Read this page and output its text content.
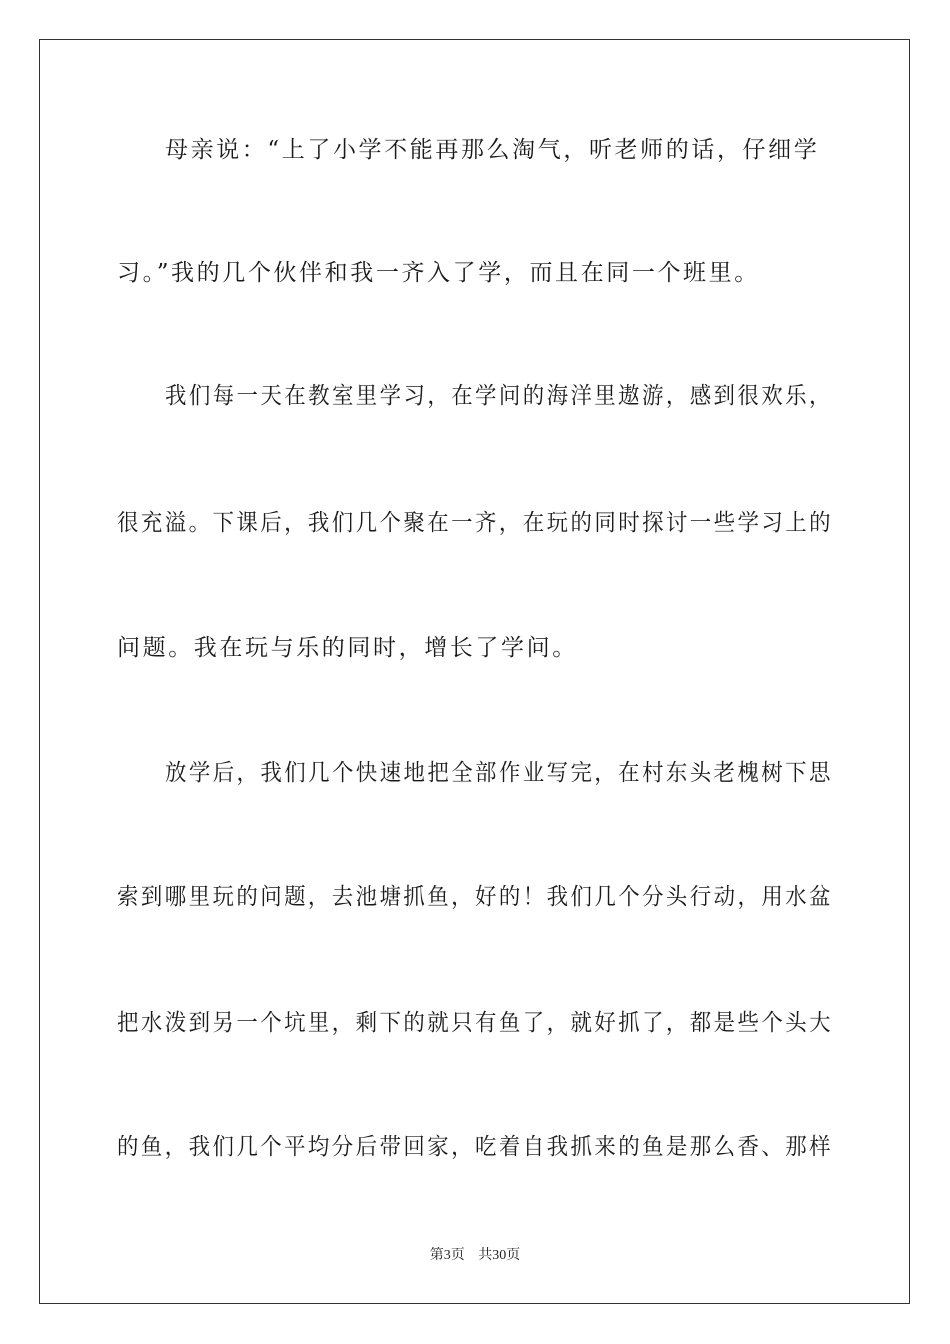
母亲说：“上了小学不能再那么淘气，听老师的话，仔细学
习。”我的几个伙伴和我一齐入了学，而且在同一个班里。
我们每一天在教室里学习，在学问的海洋里遨游，感到很欢乐，
很充溢。下课后，我们几个聚在一齐，在玩的同时探讨一些学习上的
问题。我在玩与乐的同时，增长了学问。
放学后，我们几个快速地把全部作业写完，在村东头老槐树下思
索到哪里玩的问题，去池塘抓鱼，好的！我们几个分头行动，用水盆
把水泼到另一个坑里，剩下的就只有鱼了，就好抓了，都是些个头大
的鱼，我们几个平均分后带回家，吃着自我抓来的鱼是那么香、那样
第3页 共30页
